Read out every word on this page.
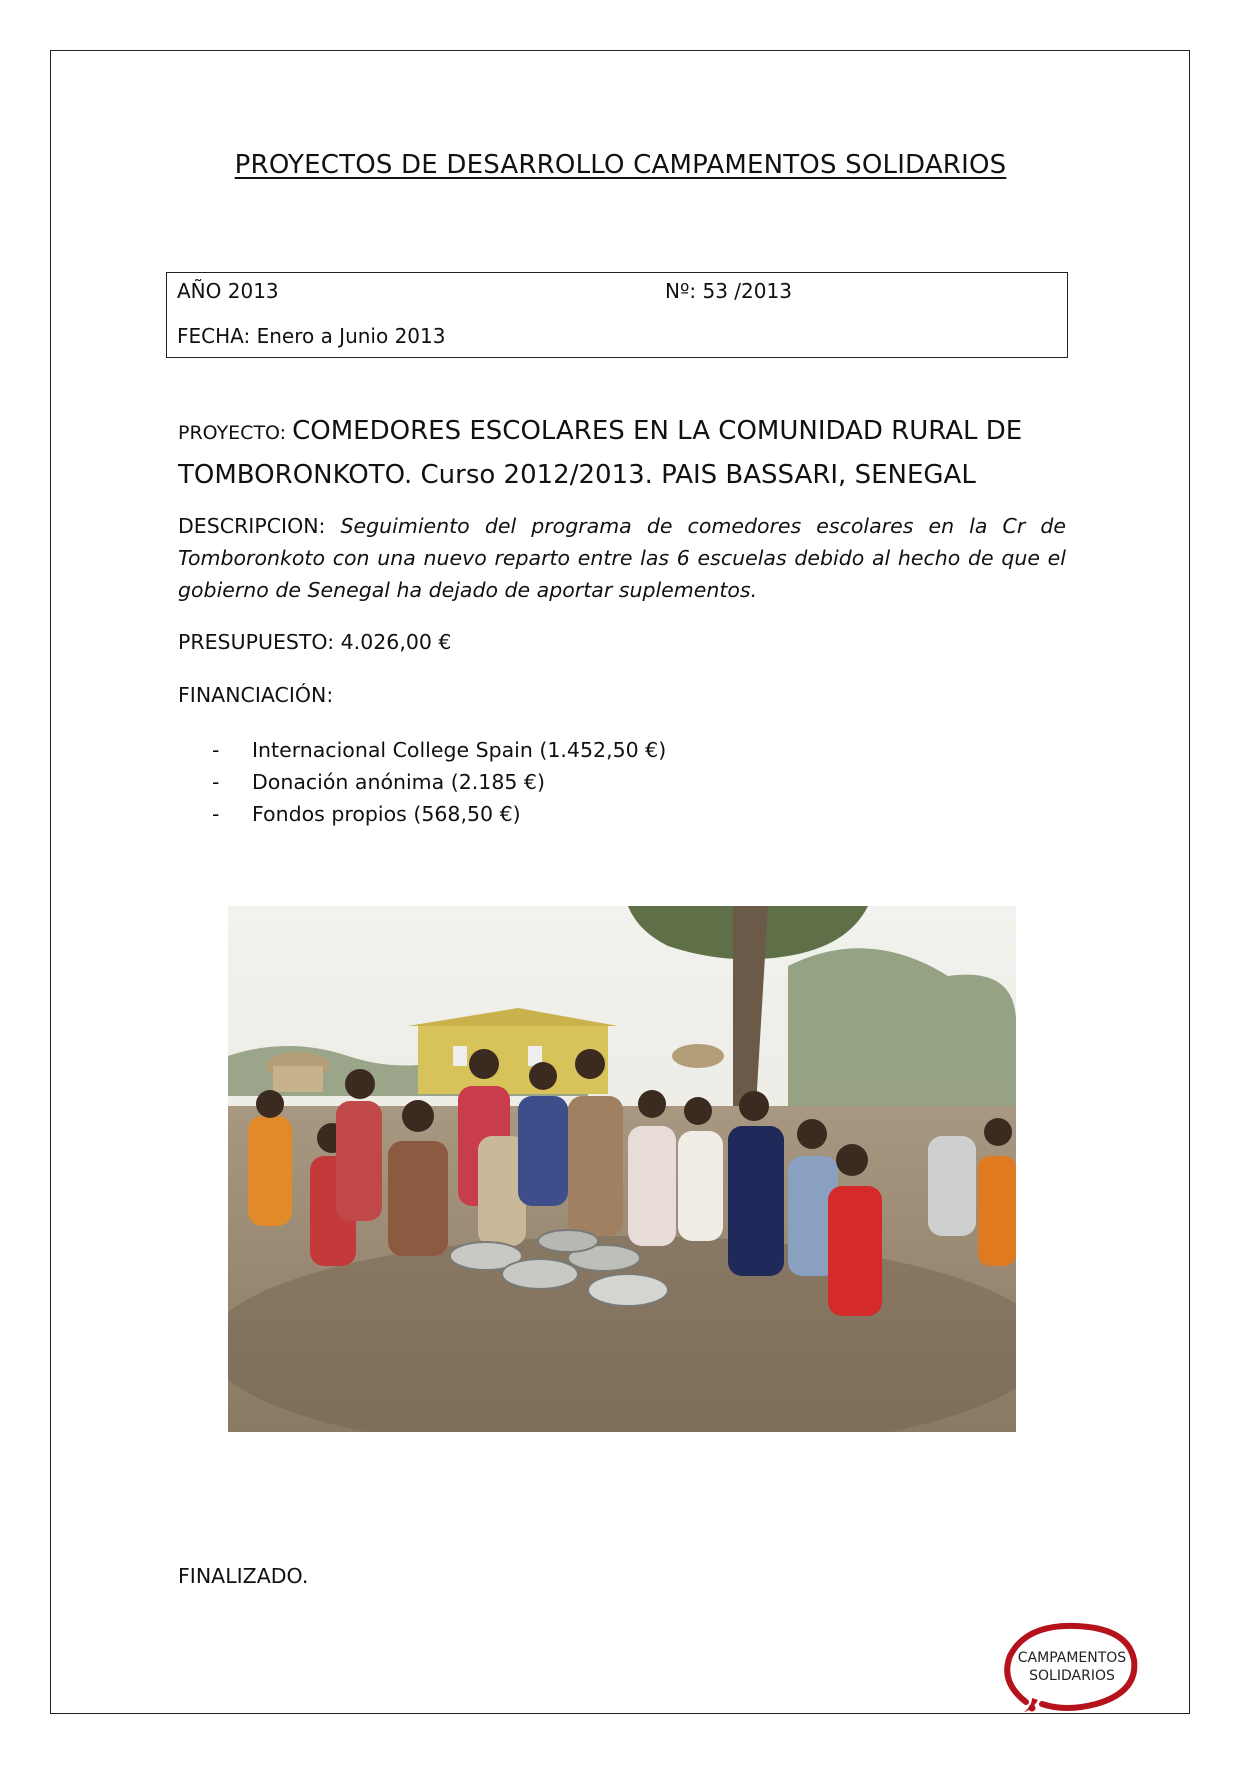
PROYECTOS DE DESARROLLO CAMPAMENTOS SOLIDARIOS
AÑO 2013	Nº: 53 /2013
FECHA: Enero a Junio 2013
PROYECTO: COMEDORES ESCOLARES EN LA COMUNIDAD RURAL DE TOMBORONKOTO. Curso 2012/2013. PAIS BASSARI, SENEGAL
DESCRIPCION: Seguimiento del programa de comedores escolares en la Cr de Tomboronkoto con una nuevo reparto entre las 6 escuelas debido al hecho de que el gobierno de Senegal ha dejado de aportar suplementos.
PRESUPUESTO: 4.026,00 €
FINANCIACIÓN:
- Internacional College Spain (1.452,50 €)
- Donación anónima (2.185 €)
- Fondos propios (568,50 €)
FINALIZADO.
CAMPAMENTOS
SOLIDARIOS
